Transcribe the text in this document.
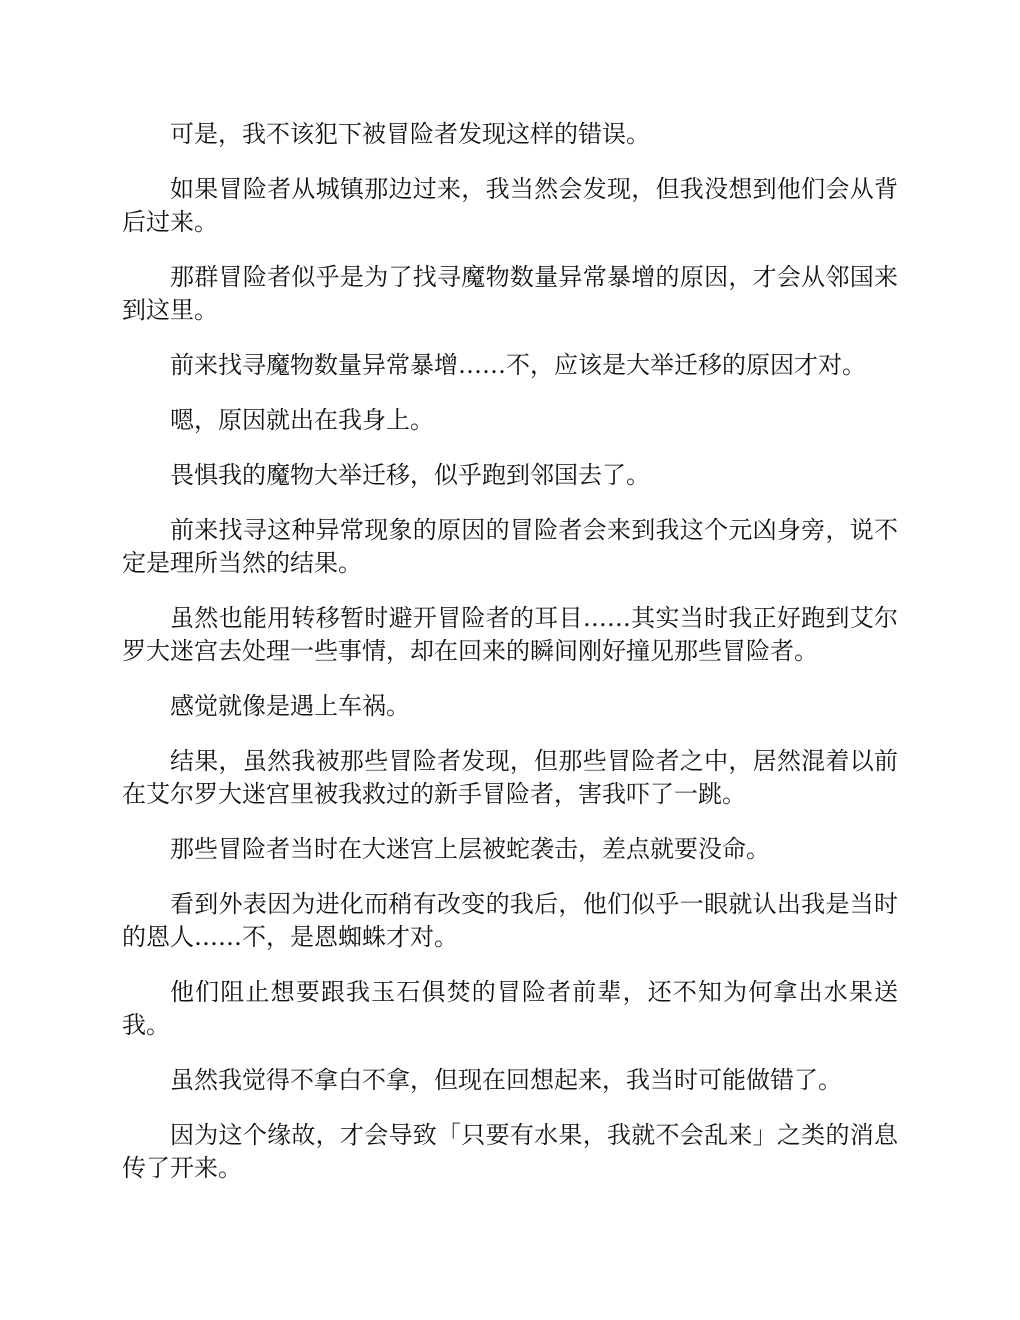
可是，我不该犯下被冒险者发现这样的错误。

如果冒险者从城镇那边过来，我当然会发现，但我没想到他们会从背后过来。

那群冒险者似乎是为了找寻魔物数量异常暴增的原因，才会从邻国来到这里。

前来找寻魔物数量异常暴增……不，应该是大举迁移的原因才对。

嗯，原因就出在我身上。

畏惧我的魔物大举迁移，似乎跑到邻国去了。

前来找寻这种异常现象的原因的冒险者会来到我这个元凶身旁，说不定是理所当然的结果。

虽然也能用转移暂时避开冒险者的耳目……其实当时我正好跑到艾尔罗大迷宫去处理一些事情，却在回来的瞬间刚好撞见那些冒险者。

感觉就像是遇上车祸。

结果，虽然我被那些冒险者发现，但那些冒险者之中，居然混着以前在艾尔罗大迷宫里被我救过的新手冒险者，害我吓了一跳。

那些冒险者当时在大迷宫上层被蛇袭击，差点就要没命。

看到外表因为进化而稍有改变的我后，他们似乎一眼就认出我是当时的恩人……不，是恩蜘蛛才对。

他们阻止想要跟我玉石俱焚的冒险者前辈，还不知为何拿出水果送我。

虽然我觉得不拿白不拿，但现在回想起来，我当时可能做错了。

因为这个缘故，才会导致「只要有水果，我就不会乱来」之类的消息传了开来。
